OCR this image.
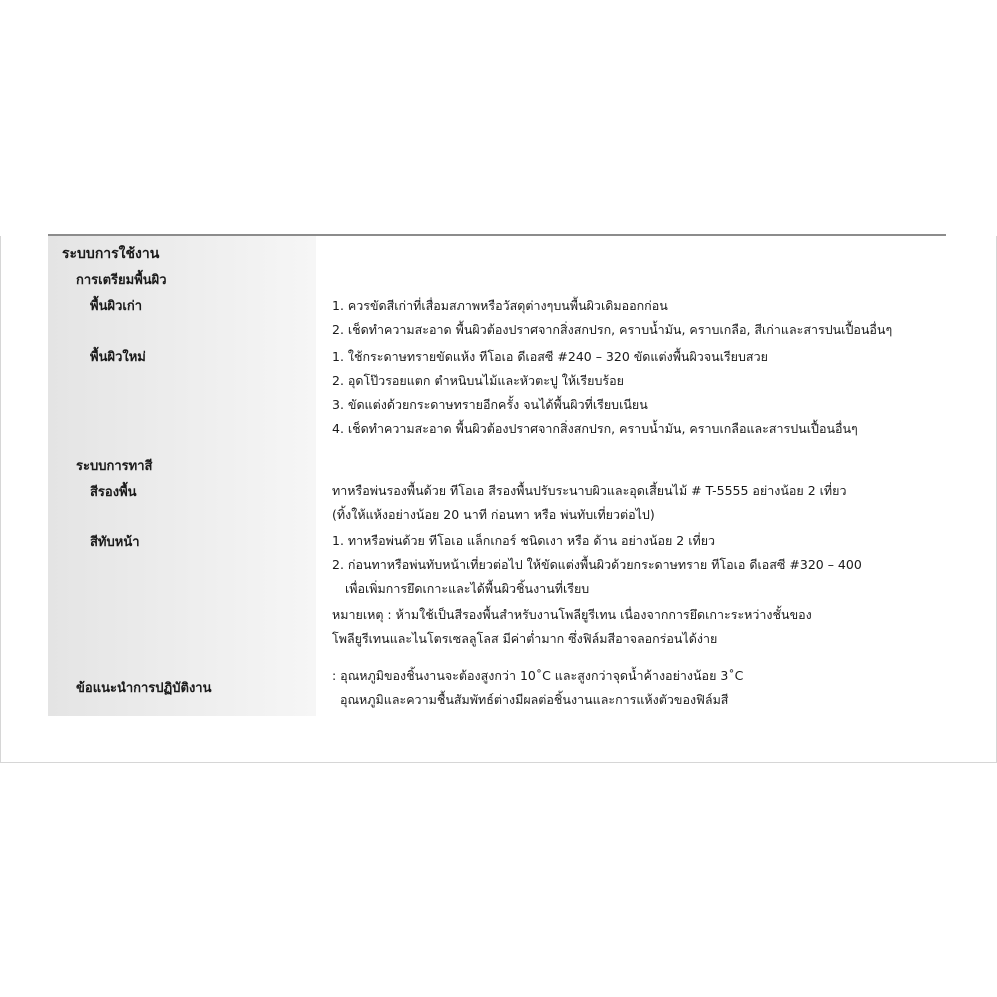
ระบบการใช้งาน
การเตรียมพื้นผิว
พื้นผิวเก่า
พื้นผิวใหม่
ระบบการทาสี
สีรองพื้น
สีทับหน้า
ข้อแนะนำการปฏิบัติงาน
1. ควรขัดสีเก่าที่เสื่อมสภาพหรือวัสดุต่างๆบนพื้นผิวเดิมออกก่อน
2. เช็ดทำความสะอาด พื้นผิวต้องปราศจากสิ่งสกปรก, คราบน้ำมัน, คราบเกลือ, สีเก่าและสารปนเปื้อนอื่นๆ
1. ใช้กระดาษทรายขัดแห้ง ทีโอเอ ดีเอสซี #240 – 320 ขัดแต่งพื้นผิวจนเรียบสวย
2. อุดโป๊วรอยแตก ตำหนิบนไม้และหัวตะปู ให้เรียบร้อย
3. ขัดแต่งด้วยกระดาษทรายอีกครั้ง จนได้พื้นผิวที่เรียบเนียน
4. เช็ดทำความสะอาด พื้นผิวต้องปราศจากสิ่งสกปรก, คราบน้ำมัน, คราบเกลือและสารปนเปื้อนอื่นๆ
ทาหรือพ่นรองพื้นด้วย ทีโอเอ สีรองพื้นปรับระนาบผิวและอุดเสี้ยนไม้ # T-5555 อย่างน้อย 2 เที่ยว
(ทิ้งให้แห้งอย่างน้อย 20 นาที ก่อนทา หรือ พ่นทับเที่ยวต่อไป)
1. ทาหรือพ่นด้วย ทีโอเอ แล็กเกอร์ ชนิดเงา หรือ ด้าน อย่างน้อย 2 เที่ยว
2. ก่อนทาหรือพ่นทับหน้าเที่ยวต่อไป ให้ขัดแต่งพื้นผิวด้วยกระดาษทราย ทีโอเอ ดีเอสซี #320 – 400
เพื่อเพิ่มการยึดเกาะและได้พื้นผิวชิ้นงานที่เรียบ
หมายเหตุ : ห้ามใช้เป็นสีรองพื้นสำหรับงานโพลียูรีเทน เนื่องจากการยึดเกาะระหว่างชั้นของ
โพลียูรีเทนและไนโตรเซลลูโลส มีค่าต่ำมาก ซึ่งฟิล์มสีอาจลอกร่อนได้ง่าย
: อุณหภูมิของชิ้นงานจะต้องสูงกว่า 10˚C และสูงกว่าจุดน้ำค้างอย่างน้อย 3˚C
อุณหภูมิและความชื้นสัมพัทธ์ต่างมีผลต่อชิ้นงานและการแห้งตัวของฟิล์มสี
